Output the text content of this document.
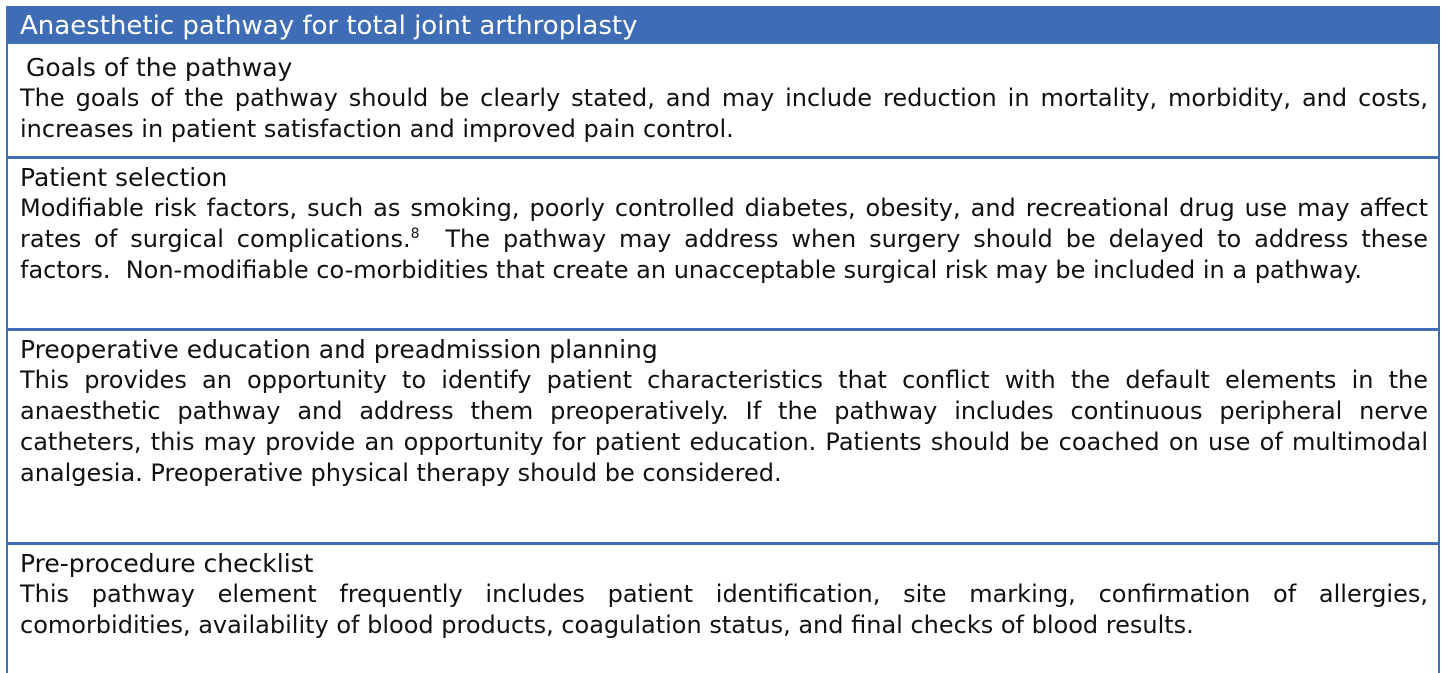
Anaesthetic pathway for total joint arthroplasty
Goals of the pathway

The goals of the pathway should be clearly stated, and may include reduction in mortality, morbidity, and costs, increases in patient satisfaction and improved pain control.

Patient selection

Modifiable risk factors, such as smoking, poorly controlled diabetes, obesity, and recreational drug use may affect rates of surgical complications.$^8$  The pathway may address when surgery should be delayed to address these factors.  Non-modifiable co-morbidities that create an unacceptable surgical risk may be included in a pathway.

Preoperative education and preadmission planning

This provides an opportunity to identify patient characteristics that conflict with the default elements in the anaesthetic pathway and address them preoperatively. If the pathway includes continuous peripheral nerve catheters, this may provide an opportunity for patient education. Patients should be coached on use of multimodal analgesia. Preoperative physical therapy should be considered.

Pre-procedure checklist

This pathway element frequently includes patient identification, site marking, confirmation of allergies, comorbidities, availability of blood products, coagulation status, and final checks of blood results.
